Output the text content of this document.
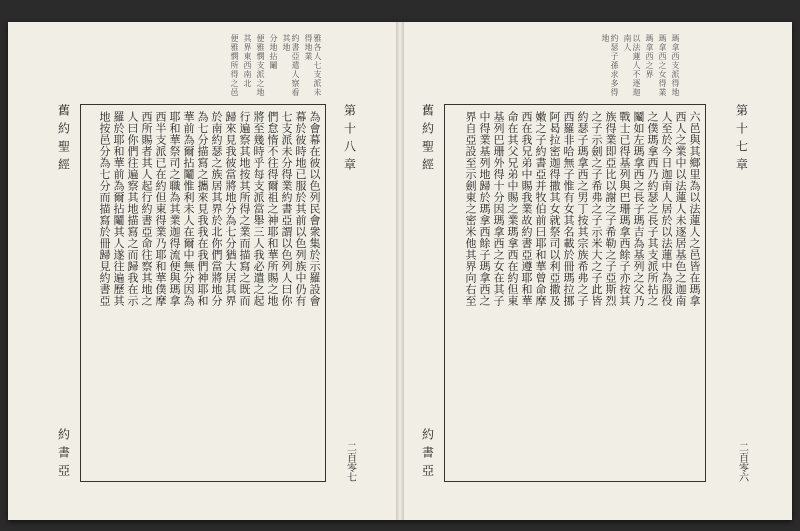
雅各人七支派未得地業
約書亞遣人察看其地
分地拈鬮
便雅憫支派之地
其界東西南北
便雅憫所得之邑
舊約聖經
約書亞
為會幕在彼以色列民會衆集於示羅設會
幕於彼時地已服於其前以色列族中仍有
七支派未分得業約書亞謂以色列人曰你
們怠惰不往得爾祖之神耶和華所賜之地
將至幾時乎每支派當舉三人我必遣之起
行遍察其地按其所得之業而描寫之既而
歸來見我彼當將地分為七分猶大居其界
於南約瑟之族居其界於北你們當將地分
為七分描寫之攜來見我我在我們神耶和
華前為爾拈鬮惟利未人在爾中無分因為
耶和華祭司之職為其業迦得流便與瑪拿
西半支派已在約但東得業乃耶和華僕摩
西所賜者其人起行約書亞命往察其地之
人曰你們往遍察其地描寫之而歸我在示
羅於耶和華前為爾拈鬮其人遂往遍歷其
地按邑分為七分而描寫於冊歸見約書亞	第十八章
二百零七
瑪拿西支派得地
瑪拿西之女得業
瑪拿西之界
以法蓮人不逐迦南人
約瑟子孫求多得地
舊約聖經
約書亞
六邑與其鄉里為以法蓮人之邑皆在瑪拿
西人之業中以法蓮人未逐居基色之迦南
人至於今日迦南人居於以法蓮中為服役
之僕瑪拿西乃約瑟之長子其支派所拈之
鬮如左瑪拿西之長子瑪吉為基列之父乃
戰士已得基列與巴珊瑪拿西餘子亦按其
族得業即亞比以謝之子希勒之子亞斯烈
之子示劍之子希弗之子示米大之子此皆
約瑟子瑪拿西之男丁按其宗族希弗之子
西羅非哈無子惟有女其名載於冊瑪拉挪
阿曷拉密迦得撒其女就祭司以利亞撒及
嫩之子約書亞并牧伯前曰耶和華曾命摩
西在我兄弟中賜我業故約書亞遵耶和華
命在其父兄弟中賜之業瑪拿西在約但東
基列巴珊外得十分因瑪拿西之女在其子
中得業基列地歸於瑪拿西餘子瑪拿西之
界自亞設至示劍東之密米他其界向右至	第十七章
二百零六
